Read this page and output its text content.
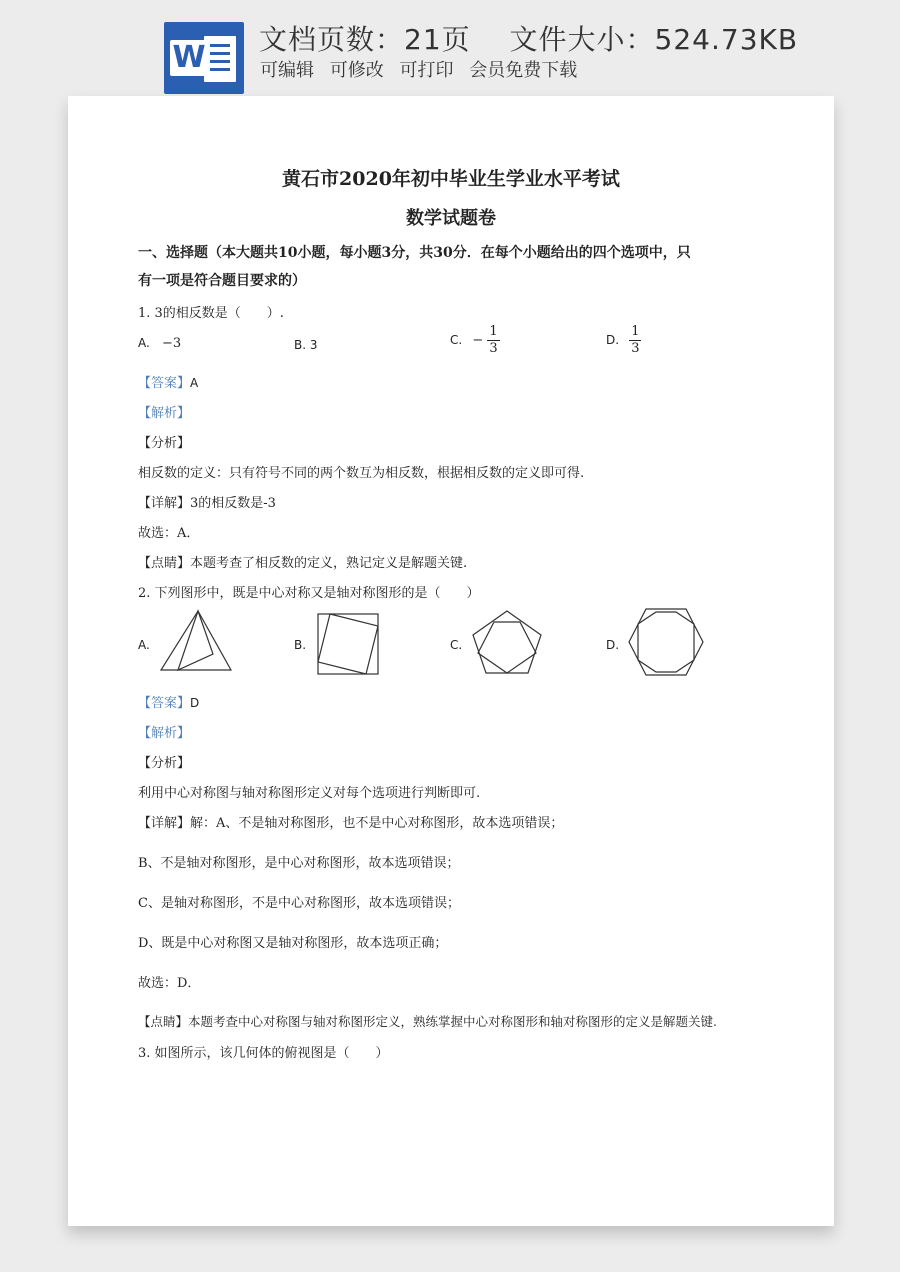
W
文档页数：21页　 文件大小：524.73KB
可编辑 可修改 可打印 会员免费下载
黄石市2020年初中毕业生学业水平考试
数学试题卷
一、选择题（本大题共10小题，每小题3分，共30分．在每个小题给出的四个选项中，只
有一项是符合题目要求的）
1. 3的相反数是（　　）.
A. −3	B. 3	C. − $\frac{1}{3}$	D. $\frac{1}{3}$
【答案】A
【解析】
【分析】
相反数的定义：只有符号不同的两个数互为相反数，根据相反数的定义即可得.
【详解】3的相反数是-3
故选：A．
【点睛】本题考查了相反数的定义，熟记定义是解题关键.
2. 下列图形中，既是中心对称又是轴对称图形的是（　　）
A.	B.	C.	D.
【答案】D
【解析】
【分析】
利用中心对称图与轴对称图形定义对每个选项进行判断即可.
【详解】解：A、不是轴对称图形，也不是中心对称图形，故本选项错误；
B、不是轴对称图形，是中心对称图形，故本选项错误；
C、是轴对称图形，不是中心对称图形，故本选项错误；
D、既是中心对称图又是轴对称图形，故本选项正确；
故选：D．
【点睛】本题考查中心对称图与轴对称图形定义，熟练掌握中心对称图形和轴对称图形的定义是解题关键.
3. 如图所示，该几何体的俯视图是（　　）
